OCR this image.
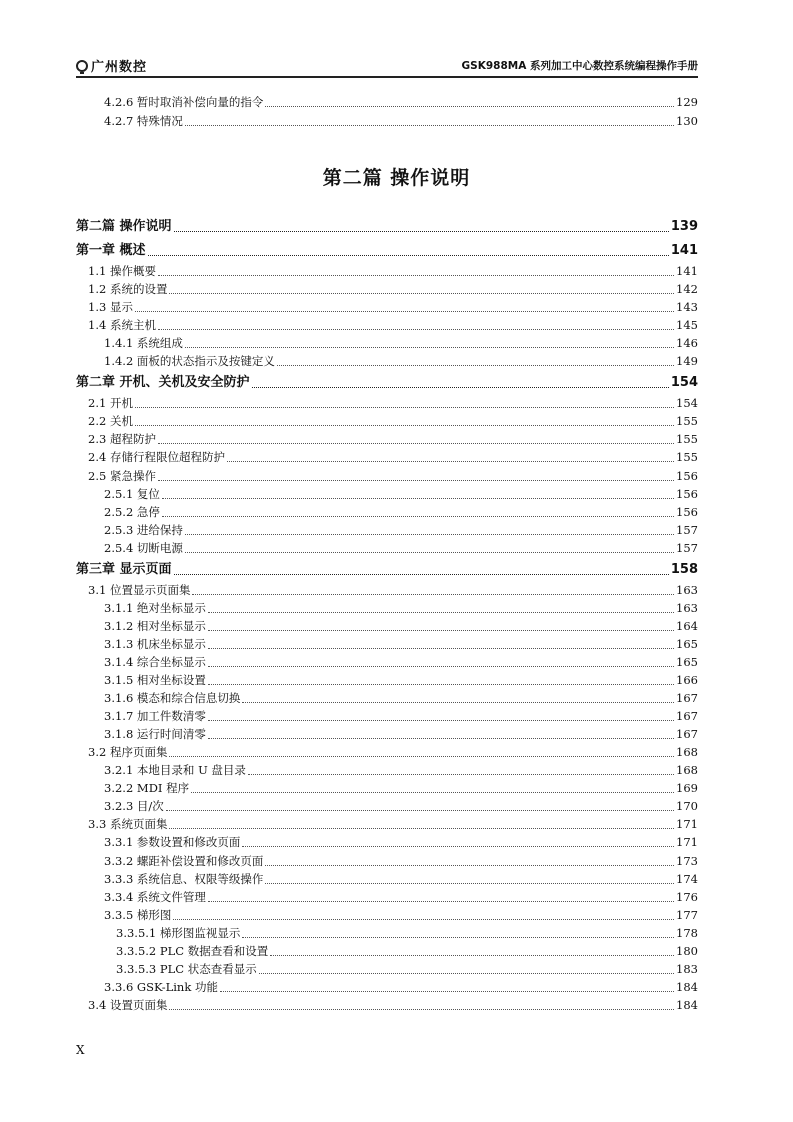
广州数控	GSK988MA 系列加工中心数控系统编程操作手册
4.2.6 暂时取消补偿向量的指令	129
4.2.7 特殊情况	130
第二篇 操作说明
第二篇 操作说明	139
第一章 概述	141
1.1 操作概要	141
1.2 系统的设置	142
1.3 显示	143
1.4 系统主机	145
1.4.1 系统组成	146
1.4.2 面板的状态指示及按键定义	149
第二章 开机、关机及安全防护	154
2.1 开机	154
2.2 关机	155
2.3 超程防护	155
2.4 存储行程限位超程防护	155
2.5 紧急操作	156
2.5.1 复位	156
2.5.2 急停	156
2.5.3 进给保持	157
2.5.4 切断电源	157
第三章 显示页面	158
3.1 位置显示页面集	163
3.1.1 绝对坐标显示	163
3.1.2 相对坐标显示	164
3.1.3 机床坐标显示	165
3.1.4 综合坐标显示	165
3.1.5 相对坐标设置	166
3.1.6 模态和综合信息切换	167
3.1.7 加工件数清零	167
3.1.8 运行时间清零	167
3.2 程序页面集	168
3.2.1 本地目录和 U 盘目录	168
3.2.2 MDI 程序	169
3.2.3 目/次	170
3.3 系统页面集	171
3.3.1 参数设置和修改页面	171
3.3.2 螺距补偿设置和修改页面	173
3.3.3 系统信息、权限等级操作	174
3.3.4 系统文件管理	176
3.3.5 梯形图	177
3.3.5.1 梯形图监视显示	178
3.3.5.2 PLC 数据查看和设置	180
3.3.5.3 PLC 状态查看显示	183
3.3.6 GSK-Link 功能	184
3.4 设置页面集	184
X
